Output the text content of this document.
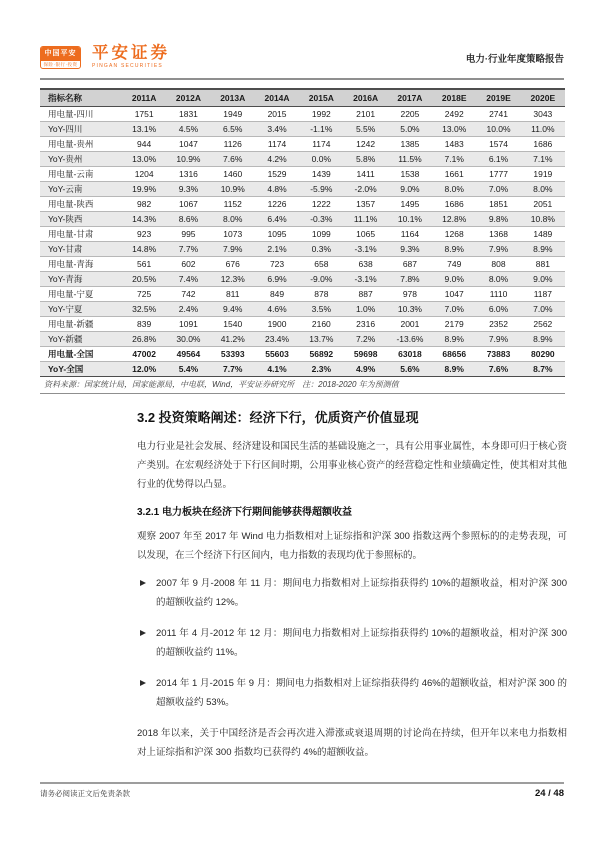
中国平安
保险·银行·投资
平安证券
PINGAN SECURITIES
电力·行业年度策略报告
指标名称	2011A	2012A	2013A	2014A	2015A	2016A	2017A	2018E	2019E	2020E
用电量-四川	1751	1831	1949	2015	1992	2101	2205	2492	2741	3043
YoY-四川	13.1%	4.5%	6.5%	3.4%	-1.1%	5.5%	5.0%	13.0%	10.0%	11.0%
用电量-贵州	944	1047	1126	1174	1174	1242	1385	1483	1574	1686
YoY-贵州	13.0%	10.9%	7.6%	4.2%	0.0%	5.8%	11.5%	7.1%	6.1%	7.1%
用电量-云南	1204	1316	1460	1529	1439	1411	1538	1661	1777	1919
YoY-云南	19.9%	9.3%	10.9%	4.8%	-5.9%	-2.0%	9.0%	8.0%	7.0%	8.0%
用电量-陕西	982	1067	1152	1226	1222	1357	1495	1686	1851	2051
YoY-陕西	14.3%	8.6%	8.0%	6.4%	-0.3%	11.1%	10.1%	12.8%	9.8%	10.8%
用电量-甘肃	923	995	1073	1095	1099	1065	1164	1268	1368	1489
YoY-甘肃	14.8%	7.7%	7.9%	2.1%	0.3%	-3.1%	9.3%	8.9%	7.9%	8.9%
用电量-青海	561	602	676	723	658	638	687	749	808	881
YoY-青海	20.5%	7.4%	12.3%	6.9%	-9.0%	-3.1%	7.8%	9.0%	8.0%	9.0%
用电量-宁夏	725	742	811	849	878	887	978	1047	1110	1187
YoY-宁夏	32.5%	2.4%	9.4%	4.6%	3.5%	1.0%	10.3%	7.0%	6.0%	7.0%
用电量-新疆	839	1091	1540	1900	2160	2316	2001	2179	2352	2562
YoY-新疆	26.8%	30.0%	41.2%	23.4%	13.7%	7.2%	-13.6%	8.9%	7.9%	8.9%
用电量-全国	47002	49564	53393	55603	56892	59698	63018	68656	73883	80290
YoY-全国	12.0%	5.4%	7.7%	4.1%	2.3%	4.9%	5.6%	8.9%	7.6%	8.7%
资料来源：国家统计局，国家能源局，中电联，Wind，平安证券研究所　注：2018-2020 年为预测值
3.2 投资策略阐述：经济下行，优质资产价值显现

电力行业是社会发展、经济建设和国民生活的基础设施之一，具有公用事业属性，本身即可归于核心资产类别。在宏观经济处于下行区间时期，公用事业核心资产的经营稳定性和业绩确定性，使其相对其他行业的优势得以凸显。

3.2.1 电力板块在经济下行期间能够获得超额收益

观察 2007 年至 2017 年 Wind 电力指数相对上证综指和沪深 300 指数这两个参照标的的走势表现，可以发现，在三个经济下行区间内，电力指数的表现均优于参照标的。

2007 年 9 月-2008 年 11 月：期间电力指数相对上证综指获得约 10%的超额收益，相对沪深 300 的超额收益约 12%。

2011 年 4 月-2012 年 12 月：期间电力指数相对上证综指获得约 10%的超额收益，相对沪深 300 的超额收益约 11%。

2014 年 1 月-2015 年 9 月：期间电力指数相对上证综指获得约 46%的超额收益，相对沪深 300 的超额收益约 53%。

2018 年以来，关于中国经济是否会再次进入滞涨或衰退周期的讨论尚在持续，但开年以来电力指数相对上证综指和沪深 300 指数均已获得约 4%的超额收益。

请务必阅读正文后免责条款	24 / 48
